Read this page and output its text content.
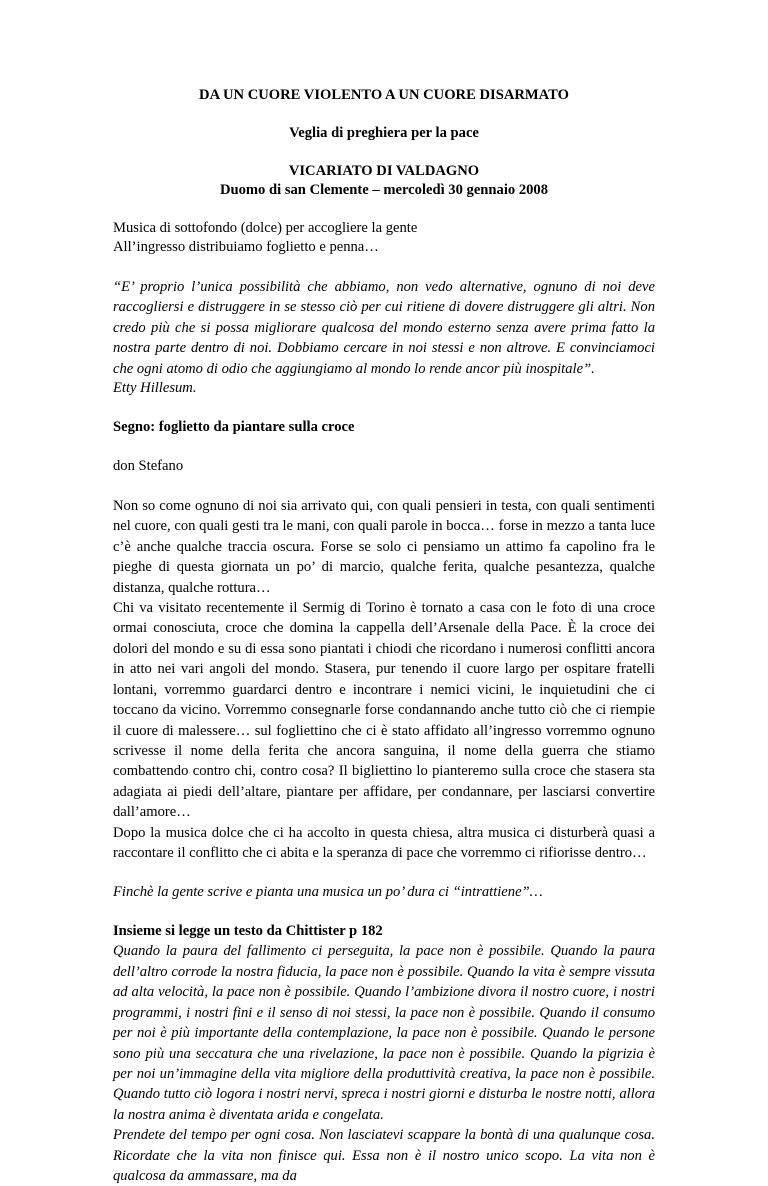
DA UN CUORE VIOLENTO A UN CUORE DISARMATO

Veglia di preghiera per la pace

VICARIATO DI VALDAGNO

Duomo di san Clemente – mercoledì 30 gennaio 2008

Musica di sottofondo (dolce) per accogliere la gente
All’ingresso distribuiamo foglietto e penna…

“E’ proprio l’unica possibilità che abbiamo, non vedo alternative, ognuno di noi deve raccogliersi e distruggere in se stesso ciò per cui ritiene di dovere distruggere gli altri. Non credo più che si possa migliorare qualcosa del mondo esterno senza avere prima fatto la nostra parte dentro di noi. Dobbiamo cercare in noi stessi e non altrove. E convinciamoci che ogni atomo di odio che aggiungiamo al mondo lo rende ancor più inospitale”.

Etty Hillesum.

Segno: foglietto da piantare sulla croce

don Stefano

Non so come ognuno di noi sia arrivato qui, con quali pensieri in testa, con quali sentimenti nel cuore, con quali gesti tra le mani, con quali parole in bocca… forse in mezzo a tanta luce c’è anche qualche traccia oscura. Forse se solo ci pensiamo un attimo fa capolino fra le pieghe di questa giornata un po’ di marcio, qualche ferita, qualche pesantezza, qualche distanza, qualche rottura…

Chi va visitato recentemente il Sermig di Torino è tornato a casa con le foto di una croce ormai conosciuta, croce che domina la cappella dell’Arsenale della Pace. È la croce dei dolori del mondo e su di essa sono piantati i chiodi che ricordano i numerosi conflitti ancora in atto nei vari angoli del mondo. Stasera, pur tenendo il cuore largo per ospitare fratelli lontani, vorremmo guardarci dentro e incontrare i nemici vicini, le inquietudini che ci toccano da vicino. Vorremmo consegnarle forse condannando anche tutto ciò che ci riempie il cuore di malessere… sul fogliettino che ci è stato affidato all’ingresso vorremmo ognuno scrivesse il nome della ferita che ancora sanguina, il nome della guerra che stiamo combattendo contro chi, contro cosa? Il bigliettino lo pianteremo sulla croce che stasera sta adagiata ai piedi dell’altare, piantare per affidare, per condannare, per lasciarsi convertire dall’amore…

Dopo la musica dolce che ci ha accolto in questa chiesa, altra musica ci disturberà quasi a raccontare il conflitto che ci abita e la speranza di pace che vorremmo ci rifiorisse dentro…

Finchè la gente scrive e pianta una musica un po’ dura ci “intrattiene”…

Insieme si legge un testo da Chittister p 182

Quando la paura del fallimento ci perseguita, la pace non è possibile. Quando la paura dell’altro corrode la nostra fiducia, la pace non è possibile. Quando la vita è sempre vissuta ad alta velocità, la pace non è possibile. Quando l’ambizione divora il nostro cuore, i nostri programmi, i nostri fini e il senso di noi stessi, la pace non è possibile. Quando il consumo per noi è più importante della contemplazione, la pace non è possibile. Quando le persone sono più una seccatura che una rivelazione, la pace non è possibile. Quando la pigrizia è per noi un’immagine della vita migliore della produttività creativa, la pace non è possibile. Quando tutto ciò logora i nostri nervi, spreca i nostri giorni e disturba le nostre notti, allora la nostra anima è diventata arida e congelata.

Prendete del tempo per ogni cosa. Non lasciatevi scappare la bontà di una qualunque cosa. Ricordate che la vita non finisce qui. Essa non è il nostro unico scopo. La vita non è qualcosa da ammassare, ma da
